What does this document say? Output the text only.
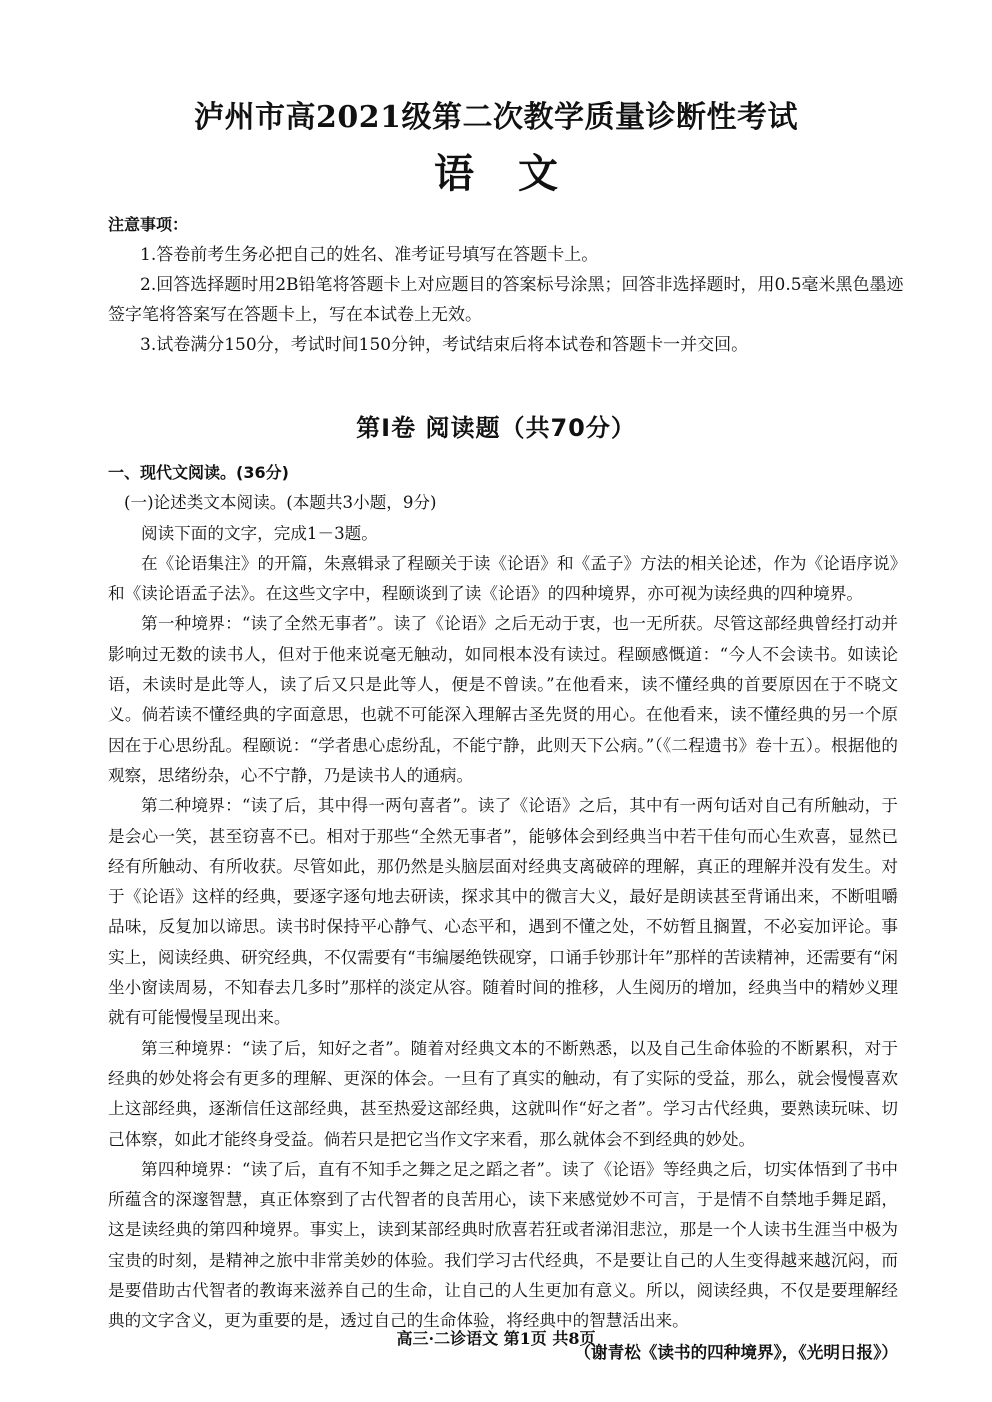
泸州市高2021级第二次教学质量诊断性考试
语文
注意事项：
1.答卷前考生务必把自己的姓名、准考证号填写在答题卡上。
2.回答选择题时用2B铅笔将答题卡上对应题目的答案标号涂黑；回答非选择题时，用0.5毫米黑色墨迹签字笔将答案写在答题卡上，写在本试卷上无效。
3.试卷满分150分，考试时间150分钟，考试结束后将本试卷和答题卡一并交回。
第Ⅰ卷 阅读题（共70分）

一、现代文阅读。(36分)

(一)论述类文本阅读。(本题共3小题，9分)

阅读下面的文字，完成1－3题。

在《论语集注》的开篇，朱熹辑录了程颐关于读《论语》和《孟子》方法的相关论述，作为《论语序说》和《读论语孟子法》。在这些文字中，程颐谈到了读《论语》的四种境界，亦可视为读经典的四种境界。

第一种境界：“读了全然无事者”。读了《论语》之后无动于衷，也一无所获。尽管这部经典曾经打动并影响过无数的读书人，但对于他来说毫无触动，如同根本没有读过。程颐感慨道：“今人不会读书。如读论语，未读时是此等人，读了后又只是此等人，便是不曾读。”在他看来，读不懂经典的首要原因在于不晓文义。倘若读不懂经典的字面意思，也就不可能深入理解古圣先贤的用心。在他看来，读不懂经典的另一个原因在于心思纷乱。程颐说：“学者患心虑纷乱，不能宁静，此则天下公病。”（《二程遗书》卷十五）。根据他的观察，思绪纷杂，心不宁静，乃是读书人的通病。

第二种境界：“读了后，其中得一两句喜者”。读了《论语》之后，其中有一两句话对自己有所触动，于是会心一笑，甚至窃喜不已。相对于那些“全然无事者”，能够体会到经典当中若干佳句而心生欢喜，显然已经有所触动、有所收获。尽管如此，那仍然是头脑层面对经典支离破碎的理解，真正的理解并没有发生。对于《论语》这样的经典，要逐字逐句地去研读，探求其中的微言大义，最好是朗读甚至背诵出来，不断咀嚼品味，反复加以谛思。读书时保持平心静气、心态平和，遇到不懂之处，不妨暂且搁置，不必妄加评论。事实上，阅读经典、研究经典，不仅需要有“韦编屡绝铁砚穿，口诵手钞那计年”那样的苦读精神，还需要有“闲坐小窗读周易，不知春去几多时”那样的淡定从容。随着时间的推移，人生阅历的增加，经典当中的精妙义理就有可能慢慢呈现出来。

第三种境界：“读了后，知好之者”。随着对经典文本的不断熟悉，以及自己生命体验的不断累积，对于经典的妙处将会有更多的理解、更深的体会。一旦有了真实的触动，有了实际的受益，那么，就会慢慢喜欢上这部经典，逐渐信任这部经典，甚至热爱这部经典，这就叫作“好之者”。学习古代经典，要熟读玩味、切己体察，如此才能终身受益。倘若只是把它当作文字来看，那么就体会不到经典的妙处。

第四种境界：“读了后，直有不知手之舞之足之蹈之者”。读了《论语》等经典之后，切实体悟到了书中所蕴含的深邃智慧，真正体察到了古代智者的良苦用心，读下来感觉妙不可言，于是情不自禁地手舞足蹈，这是读经典的第四种境界。事实上，读到某部经典时欣喜若狂或者涕泪悲泣，那是一个人读书生涯当中极为宝贵的时刻，是精神之旅中非常美妙的体验。我们学习古代经典，不是要让自己的人生变得越来越沉闷，而是要借助古代智者的教诲来滋养自己的生命，让自己的人生更加有意义。所以，阅读经典，不仅是要理解经典的文字含义，更为重要的是，透过自己的生命体验，将经典中的智慧活出来。

（谢青松《读书的四种境界》，《光明日报》）

高三·二诊语文 第1页 共8页
